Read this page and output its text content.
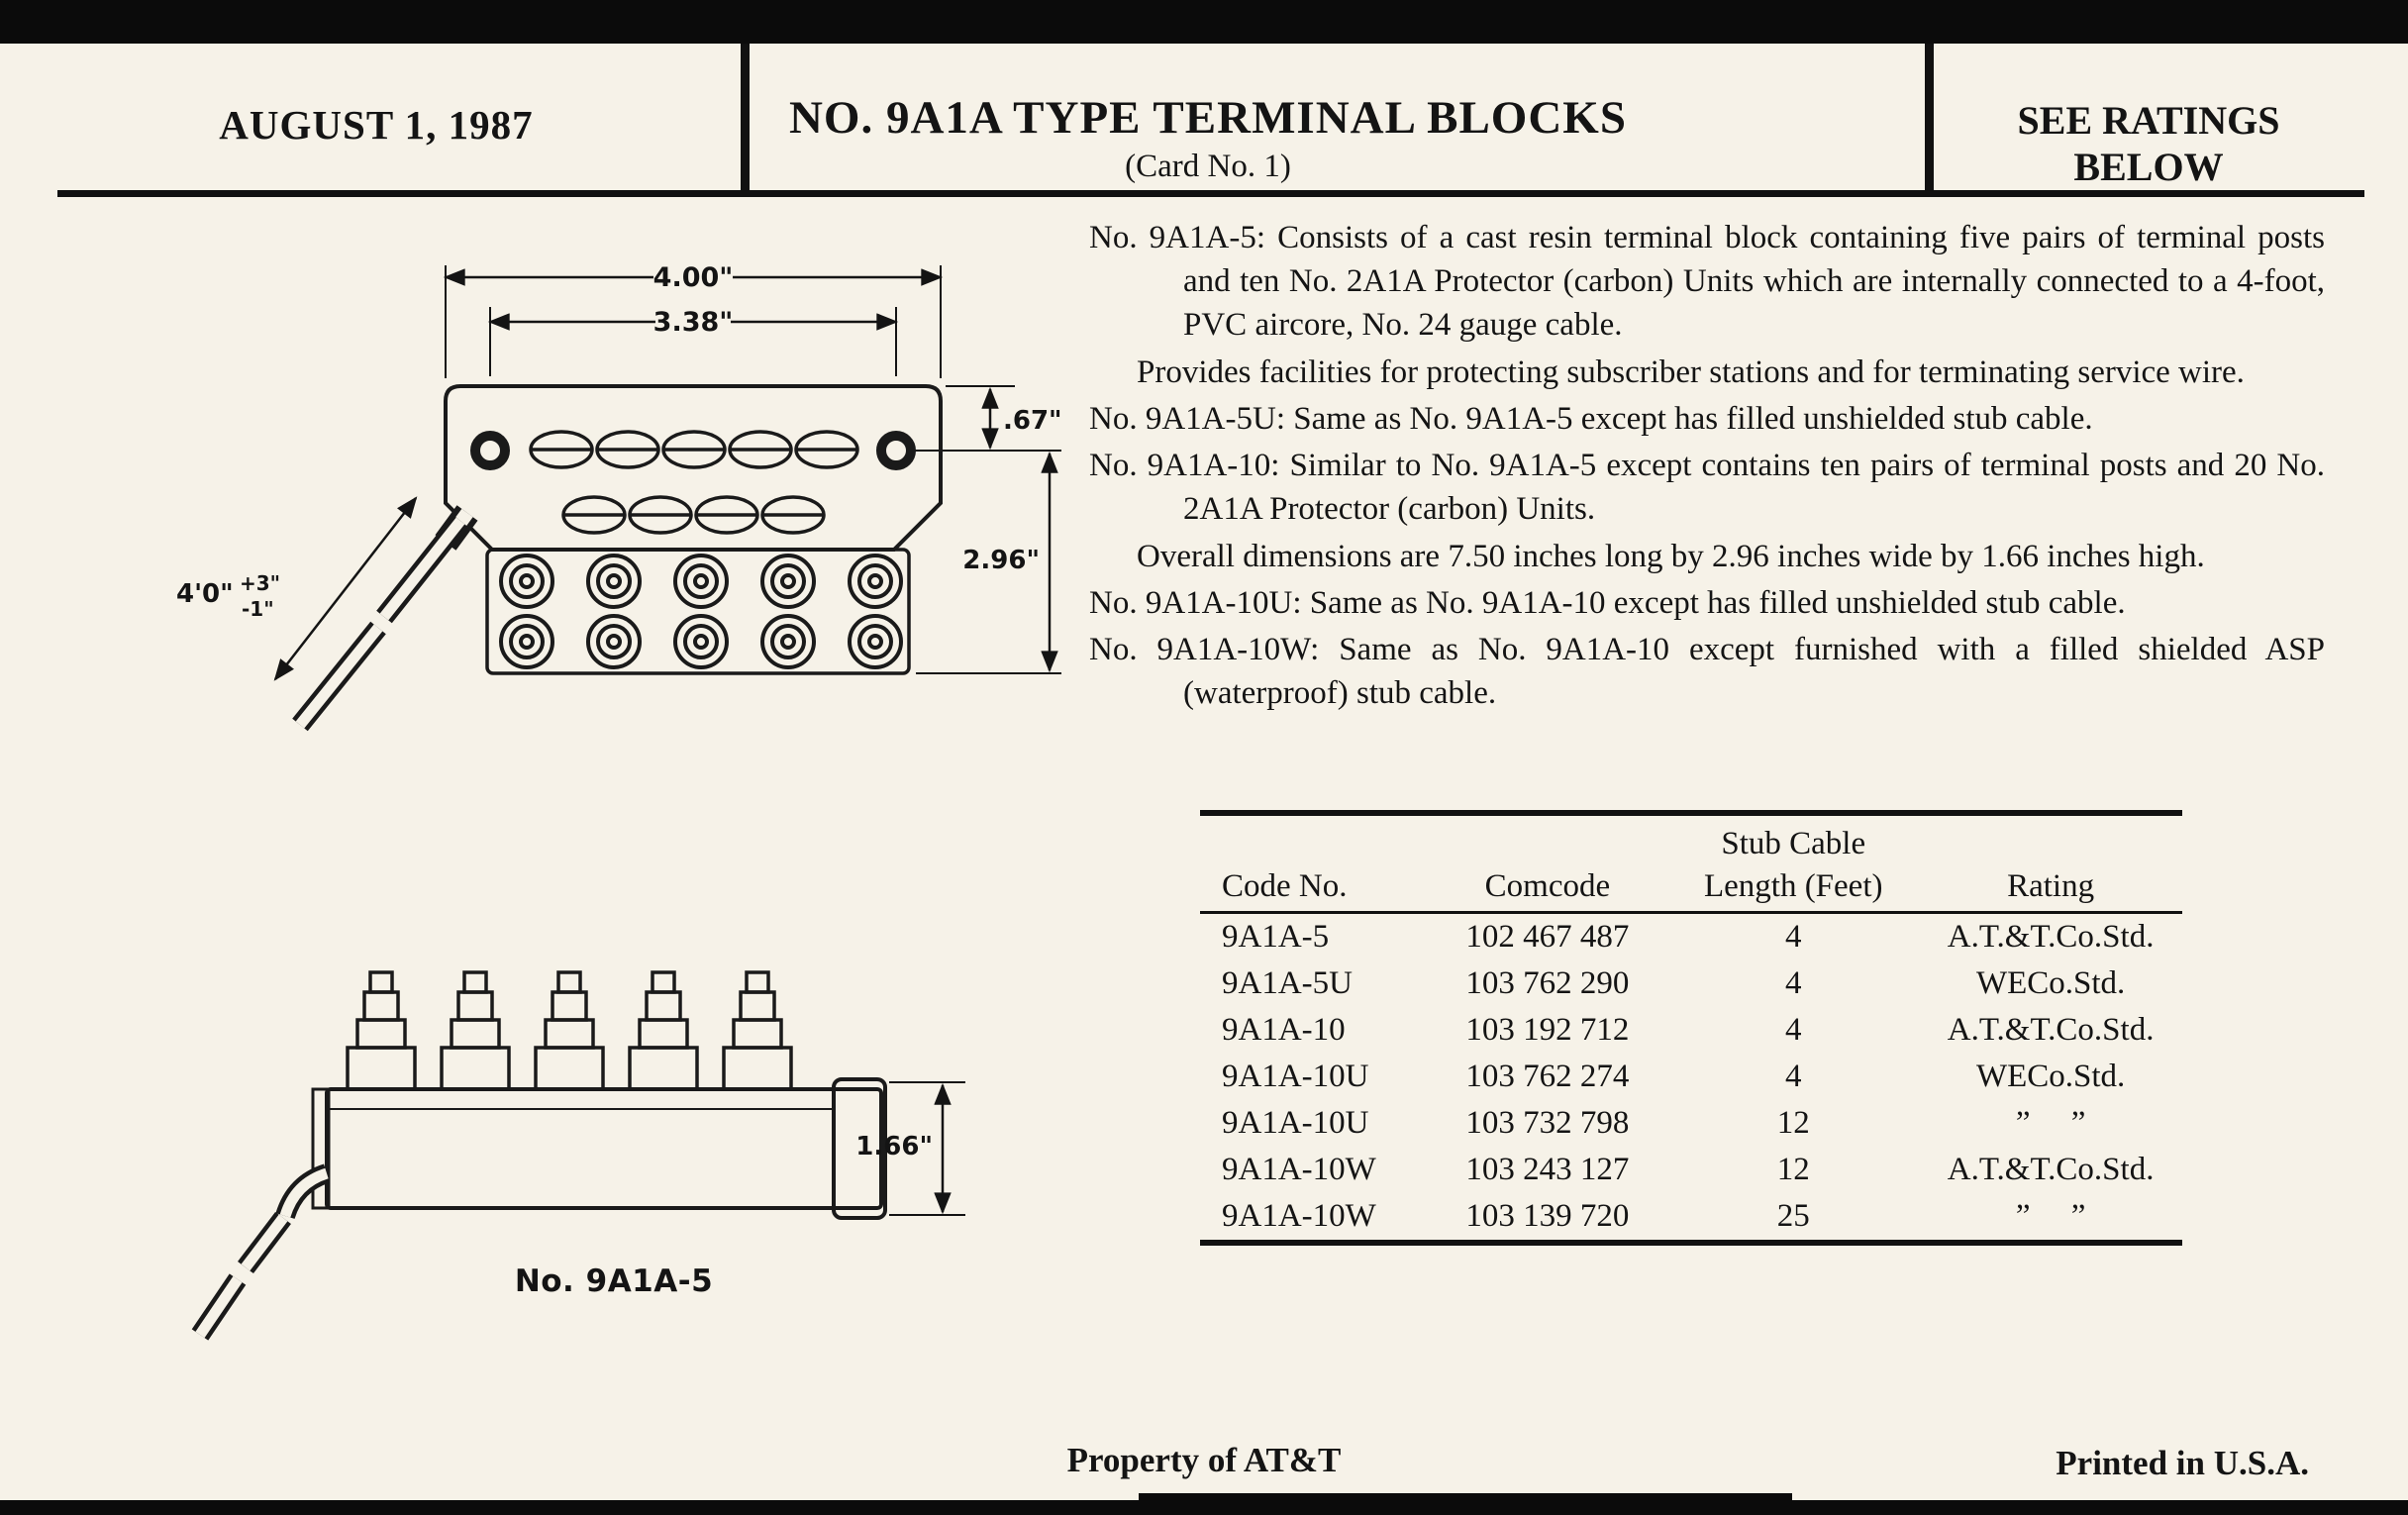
AUGUST 1, 1987	NO. 9A1A TYPE TERMINAL BLOCKS
(Card No. 1)
SEE RATINGS
BELOW
4.00"
3.38"
.67"
2.96"
4'0" +3"
-1"
1.66"
No. 9A1A-5

No. 9A1A-5: Consists of a cast resin terminal block containing five pairs of terminal posts and ten No. 2A1A Protector (carbon) Units which are internally connected to a 4-foot, PVC aircore, No. 24 gauge cable.

Provides facilities for protecting subscriber stations and for terminating service wire.

No. 9A1A-5U: Same as No. 9A1A-5 except has filled unshielded stub cable.

No. 9A1A-10: Similar to No. 9A1A-5 except contains ten pairs of terminal posts and 20 No. 2A1A Protector (carbon) Units.

Overall dimensions are 7.50 inches long by 2.96 inches wide by 1.66 inches high.

No. 9A1A-10U: Same as No. 9A1A-10 except has filled unshielded stub cable.

No. 9A1A-10W: Same as No. 9A1A-10 except furnished with a filled shielded ASP (waterproof) stub cable.

		Stub Cable	
Code No.	Comcode	Length (Feet)	Rating
9A1A-5	102 467 487	4	A.T.&T.Co.Std.
9A1A-5U	103 762 290	4	WECo.Std.
9A1A-10	103 192 712	4	A.T.&T.Co.Std.
9A1A-10U	103 762 274	4	WECo.Std.
9A1A-10U	103 732 798	12	”     ”
9A1A-10W	103 243 127	12	A.T.&T.Co.Std.
9A1A-10W	103 139 720	25	”     ”
Property of AT&T	Printed in U.S.A.
